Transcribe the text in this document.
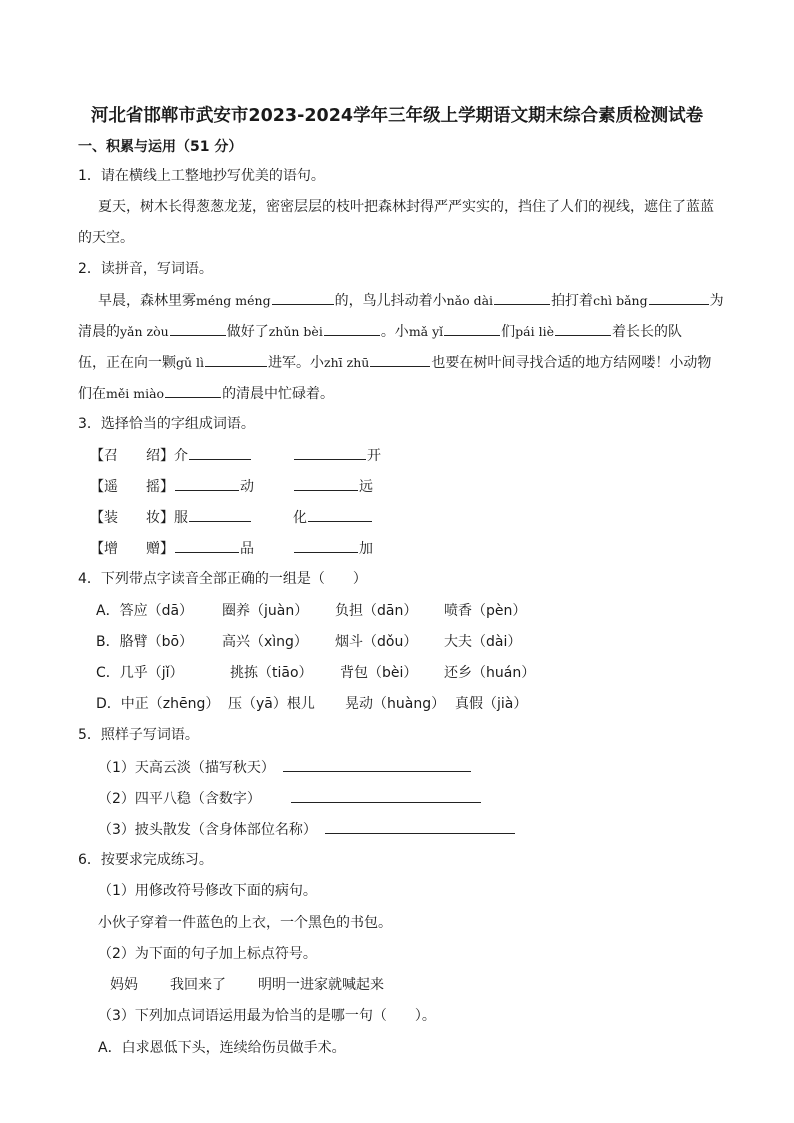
河北省邯郸市武安市2023-2024学年三年级上学期语文期末综合素质检测试卷
一、积累与运用（51 分）
1．请在横线上工整地抄写优美的语句。
夏天，树木长得葱葱龙茏，密密层层的枝叶把森林封得严严实实的，挡住了人们的视线，遮住了蓝蓝
的天空。
2．读拼音，写词语。
早晨，森林里雾méng méng	的，鸟儿抖动着小nǎo dài	拍打着chì bǎng	为
清晨的yǎn zòu	做好了zhǔn bèi	。小mǎ yǐ	们pái liè	着长长的队
伍，正在向一颗gǔ lì	进军。小zhī zhū	也要在树叶间寻找合适的地方结网喽！小动物
们在měi miào	的清晨中忙碌着。
3．选择恰当的字组成词语。
【召　　绍】介	开
【遥　　摇】	动	远
【装　　妆】服	化
【增　　赠】	品	加
4．下列带点字读音全部正确的一组是（　　）
A．答应（dā） 圈养（juàn） 负担（dān） 喷香（pèn）
B．胳臂（bō） 高兴（xìng） 烟斗（dǒu） 大夫（dài）
C．几乎（jǐ）	挑拣（tiāo） 背包（bèi） 还乡（huán）
D．中正（zhēng） 压（yā）根儿 晃动（huàng） 真假（jià）
5．照样子写词语。
（1）天高云淡（描写秋天）
（2）四平八稳（含数字）
（3）披头散发（含身体部位名称）
6．按要求完成练习。
（1）用修改符号修改下面的病句。
小伙子穿着一件蓝色的上衣，一个黑色的书包。
（2）为下面的句子加上标点符号。
妈妈 我回来了 明明一进家就喊起来
（3）下列加点词语运用最为恰当的是哪一句（　　）。
A．白求恩低下头，连续给伤员做手术。
